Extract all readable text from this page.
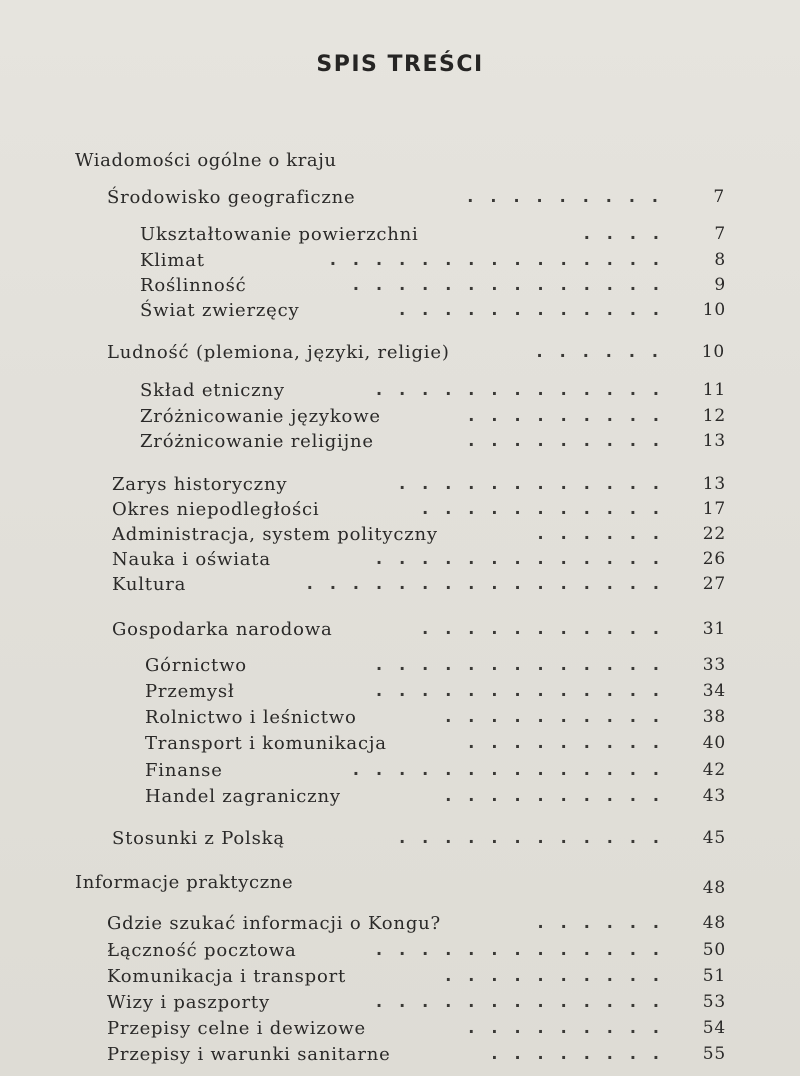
SPIS TREŚCI
Wiadomości ogólne o kraju
Środowisko geograficzne	.........	7
Ukształtowanie powierzchni	....	7
Klimat	...............	8
Roślinność	..............	9
Świat zwierzęcy	............	10
Ludność (plemiona, języki, religie)	......	10
Skład etniczny	.............	11
Zróżnicowanie językowe	.........	12
Zróżnicowanie religijne	.........	13
Zarys historyczny	............	13
Okres niepodległości	...........	17
Administracja, system polityczny	......	22
Nauka i oświata	.............	26
Kultura	................	27
Gospodarka narodowa	...........	31
Górnictwo	.............	33
Przemysł	.............	34
Rolnictwo i leśnictwo	..........	38
Transport i komunikacja	.........	40
Finanse	..............	42
Handel zagraniczny	..........	43
Stosunki z Polską	............	45
Informacje praktyczne	48
Gdzie szukać informacji o Kongu?	......	48
Łączność pocztowa	.............	50
Komunikacja i transport	..........	51
Wizy i paszporty	.............	53
Przepisy celne i dewizowe	.........	54
Przepisy i warunki sanitarne	........	55
